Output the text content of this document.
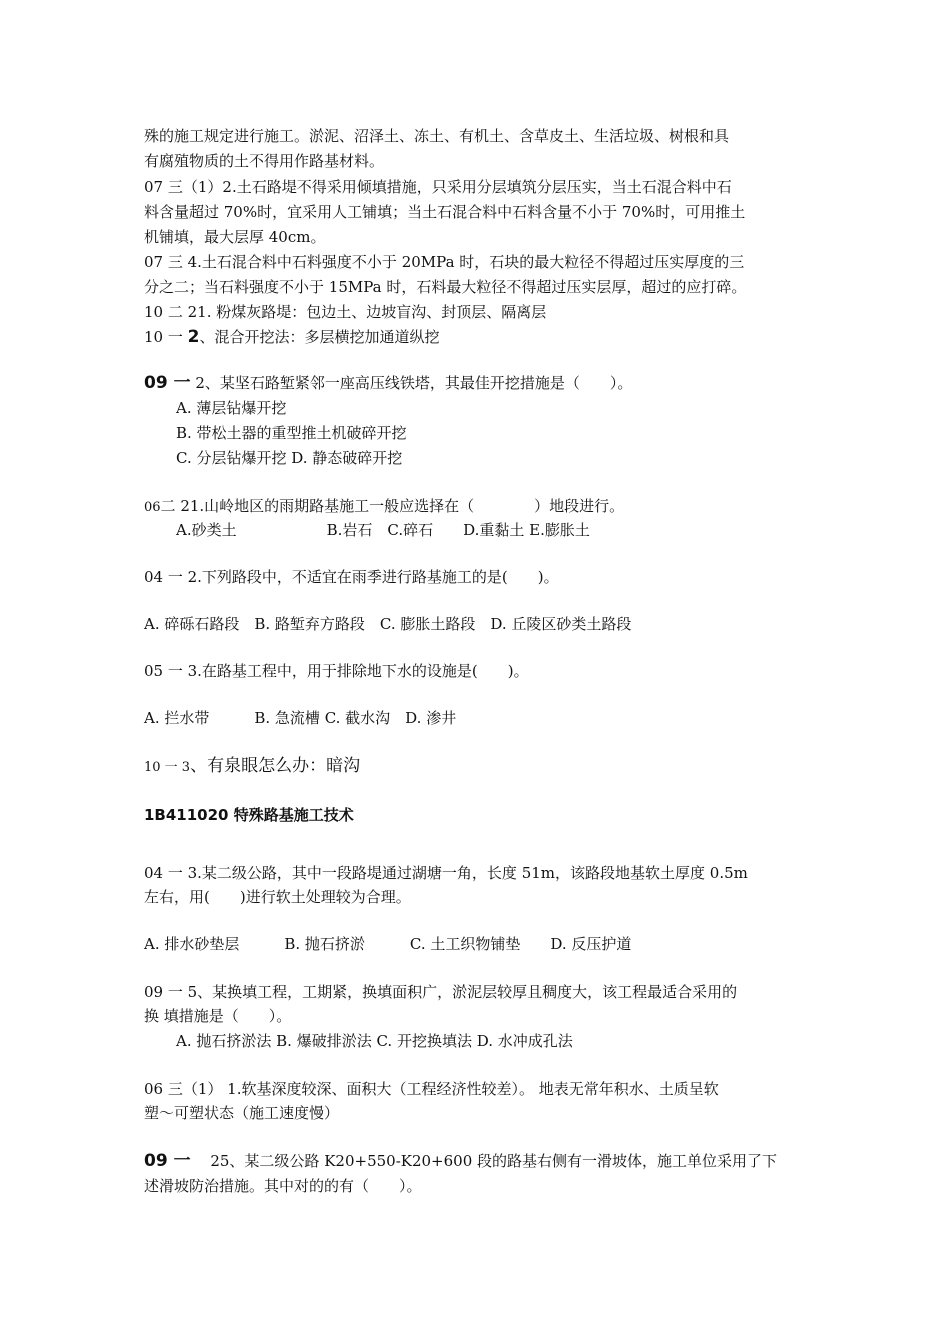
殊的施工规定进行施工。淤泥、沼泽土、冻土、有机土、含草皮土、生活垃圾、树根和具
有腐殖物质的土不得用作路基材料。
07 三（1）2.土石路堤不得采用倾填措施，只采用分层填筑分层压实，当土石混合料中石
料含量超过 70%时，宜采用人工铺填；当土石混合料中石料含量不小于 70%时，可用推土
机铺填，最大层厚 40cm。
07 三 4.土石混合料中石料强度不小于 20MPa 时，石块的最大粒径不得超过压实厚度的三
分之二；当石料强度不小于 15MPa 时，石料最大粒径不得超过压实层厚，超过的应打碎。
10 二 21. 粉煤灰路堤：包边土、边坡盲沟、封顶层、隔离层
10 一 2、混合开挖法：多层横挖加通道纵挖
09 一 2、某坚石路堑紧邻一座高压线铁塔，其最佳开挖措施是（　　）。
A. 薄层钻爆开挖
B. 带松土器的重型推土机破碎开挖
C. 分层钻爆开挖 D. 静态破碎开挖
06二 21.山岭地区的雨期路基施工一般应选择在（　　　　）地段进行。
A.砂类土　　　　　　B.岩石　C.碎石　　D.重黏土 E.膨胀土
04 一 2.下列路段中，不适宜在雨季进行路基施工的是(　　)。
A. 碎砾石路段　B. 路堑弃方路段　C. 膨胀土路段　D. 丘陵区砂类土路段
05 一 3.在路基工程中，用于排除地下水的设施是(　　)。
A. 拦水带　　　B. 急流槽 C. 截水沟　D. 渗井
10 一 3、有泉眼怎么办：暗沟
1B411020 特殊路基施工技术
04 一 3.某二级公路，其中一段路堤通过湖塘一角，长度 51m，该路段地基软土厚度 0.5m
左右，用(　　)进行软土处理较为合理。
A. 排水砂垫层　　　B. 抛石挤淤　　　C. 土工织物铺垫　　D. 反压护道
09 一 5、某换填工程，工期紧，换填面积广，淤泥层较厚且稠度大，该工程最适合采用的
换 填措施是（　　）。
A. 抛石挤淤法 B. 爆破排淤法 C. 开挖换填法 D. 水冲成孔法
06 三（1） 1.软基深度较深、面积大（工程经济性较差）。 地表无常年积水、土质呈软
塑～可塑状态（施工速度慢）
09 一　 25、某二级公路 K20+550-K20+600 段的路基右侧有一滑坡体，施工单位采用了下
述滑坡防治措施。其中对的的有（　　）。
